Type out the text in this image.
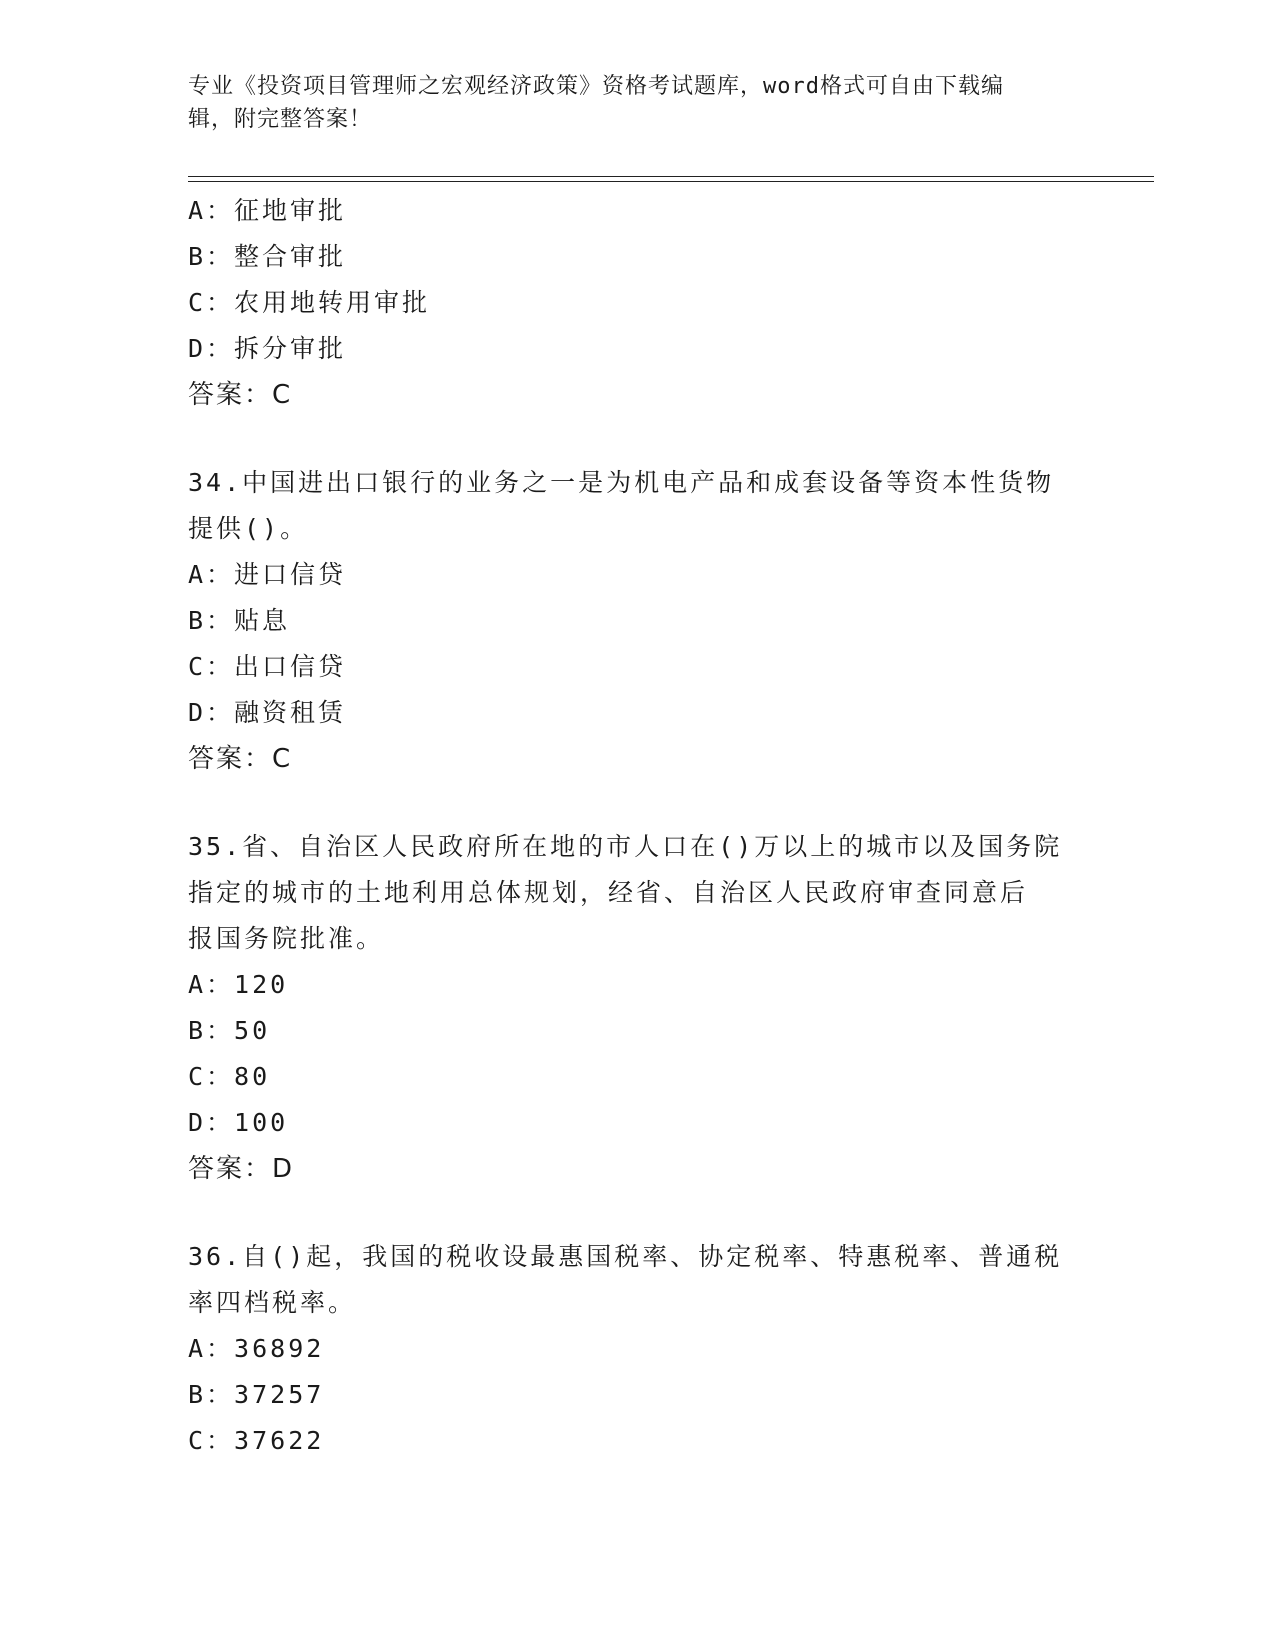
专业《投资项目管理师之宏观经济政策》资格考试题库，word格式可自由下载编
辑，附完整答案！
A：征地审批
B：整合审批
C：农用地转用审批
D：拆分审批
答案：C
34.中国进出口银行的业务之一是为机电产品和成套设备等资本性货物
提供()。
A：进口信贷
B：贴息
C：出口信贷
D：融资租赁
答案：C
35.省、自治区人民政府所在地的市人口在()万以上的城市以及国务院
指定的城市的土地利用总体规划，经省、自治区人民政府审查同意后
报国务院批准。
A：120
B：50
C：80
D：100
答案：D
36.自()起，我国的税收设最惠国税率、协定税率、特惠税率、普通税
率四档税率。
A：36892
B：37257
C：37622
